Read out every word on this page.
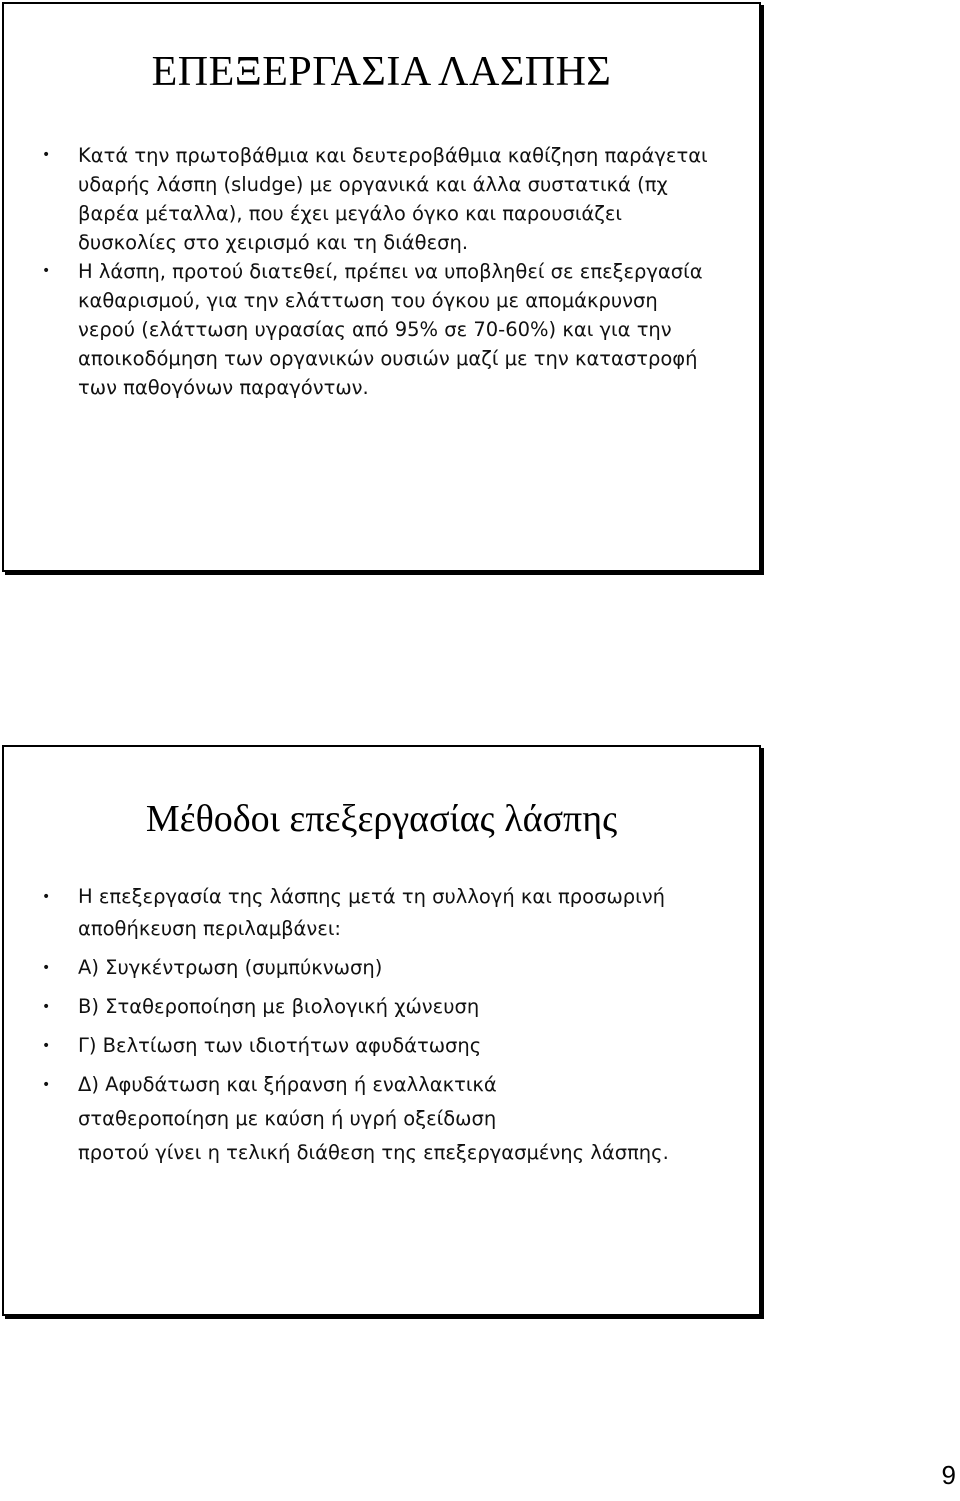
ΕΠΕΞΕΡΓΑΣΙΑ ΛΑΣΠΗΣ
•	Κατά την πρωτοβάθμια και δευτεροβάθμια καθίζηση παράγεται υδαρής λάσπη (sludge) με οργανικά και άλλα συστατικά (πχ βαρέα μέταλλα), που έχει μεγάλο όγκο και παρουσιάζει δυσκολίες στο χειρισμό και τη διάθεση.
•	Η λάσπη, προτού διατεθεί, πρέπει να υποβληθεί σε επεξεργασία καθαρισμού, για την ελάττωση του όγκου με απομάκρυνση νερού (ελάττωση υγρασίας από 95% σε 70-60%) και για την αποικοδόμηση των οργανικών ουσιών μαζί με την καταστροφή των παθογόνων παραγόντων.
Μέθοδοι επεξεργασίας λάσπης
•	Η επεξεργασία της λάσπης μετά τη συλλογή και προσωρινή αποθήκευση περιλαμβάνει:
•	Α) Συγκέντρωση (συμπύκνωση)
•	Β) Σταθεροποίηση με βιολογική χώνευση
•	Γ) Βελτίωση των ιδιοτήτων αφυδάτωσης
•	Δ) Αφυδάτωση και ξήρανση ή εναλλακτικά
σταθεροποίηση με καύση ή υγρή οξείδωση
προτού γίνει η τελική διάθεση της επεξεργασμένης λάσπης.
9
